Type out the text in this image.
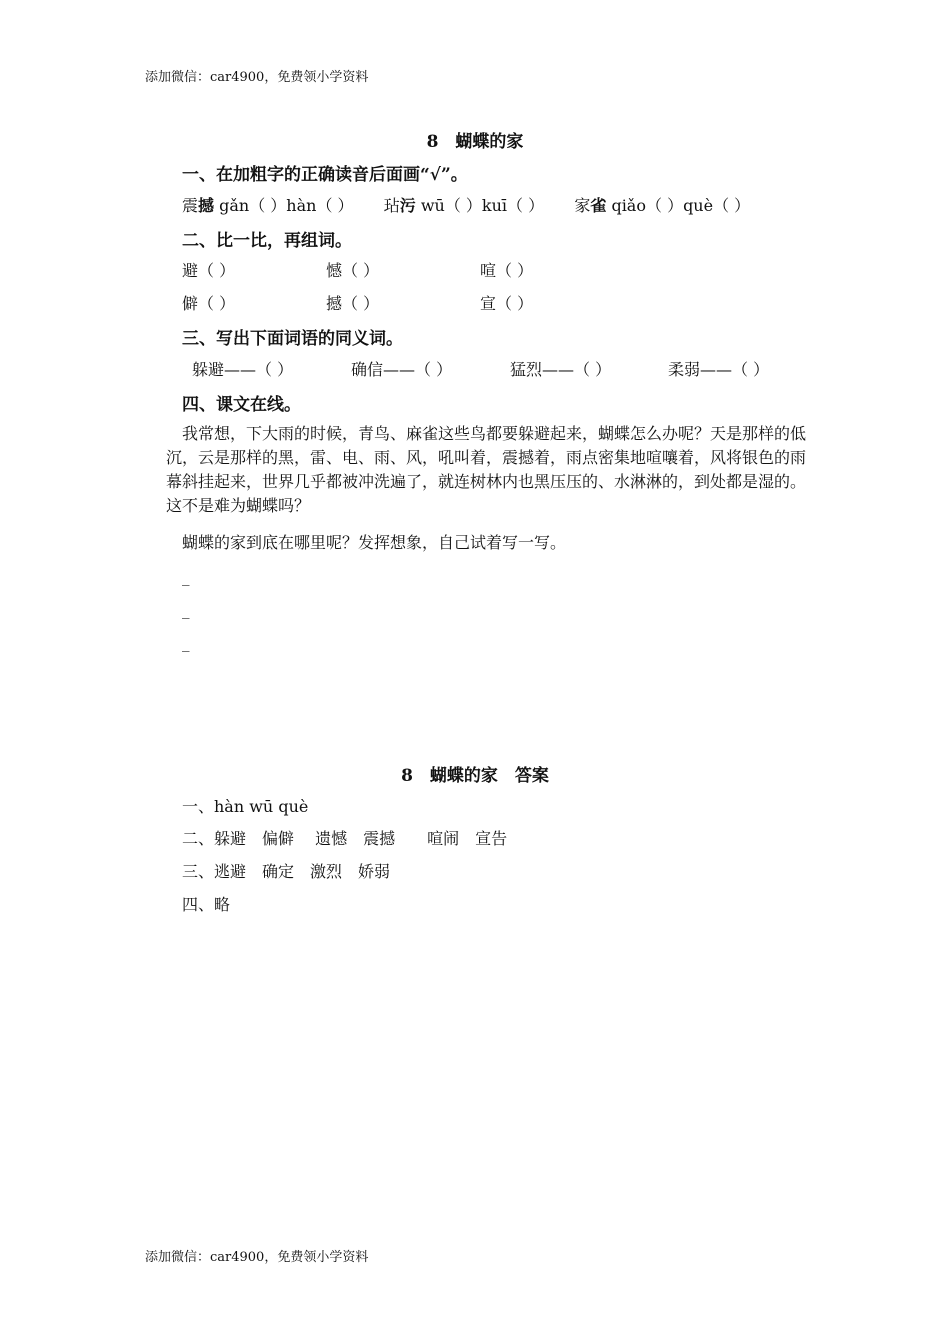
添加微信：car4900，免费领小学资料
8　蝴蝶的家
一、在加粗字的正确读音后面画“√”。
震撼 gǎn（ ）hàn（ ） 玷污 wū（ ）kuī（ ） 家雀 qiǎo（ ）què（ ）
二、比一比，再组词。
避（ ）	憾（ ）	喧（ ）
僻（ ）	撼（ ）	宣（ ）
三、写出下面词语的同义词。
躲避——（ ）	确信——（ ）	猛烈——（ ）	柔弱——（ ）
四、课文在线。
我常想，下大雨的时候，青鸟、麻雀这些鸟都要躲避起来，蝴蝶怎么办呢？天是那样的低沉，云是那样的黑，雷、电、雨、风，吼叫着，震撼着，雨点密集地喧嚷着，风将银色的雨幕斜挂起来，世界几乎都被冲洗遍了，就连树林内也黑压压的、水淋淋的，到处都是湿的。这不是难为蝴蝶吗？
蝴蝶的家到底在哪里呢？发挥想象，自己试着写一写。
_
_
_
8　蝴蝶的家　答案
一、hàn wū què
二、躲避　偏僻　 遗憾　震撼　　喧闹　宣告
三、逃避　确定　激烈　娇弱
四、略
添加微信：car4900，免费领小学资料
